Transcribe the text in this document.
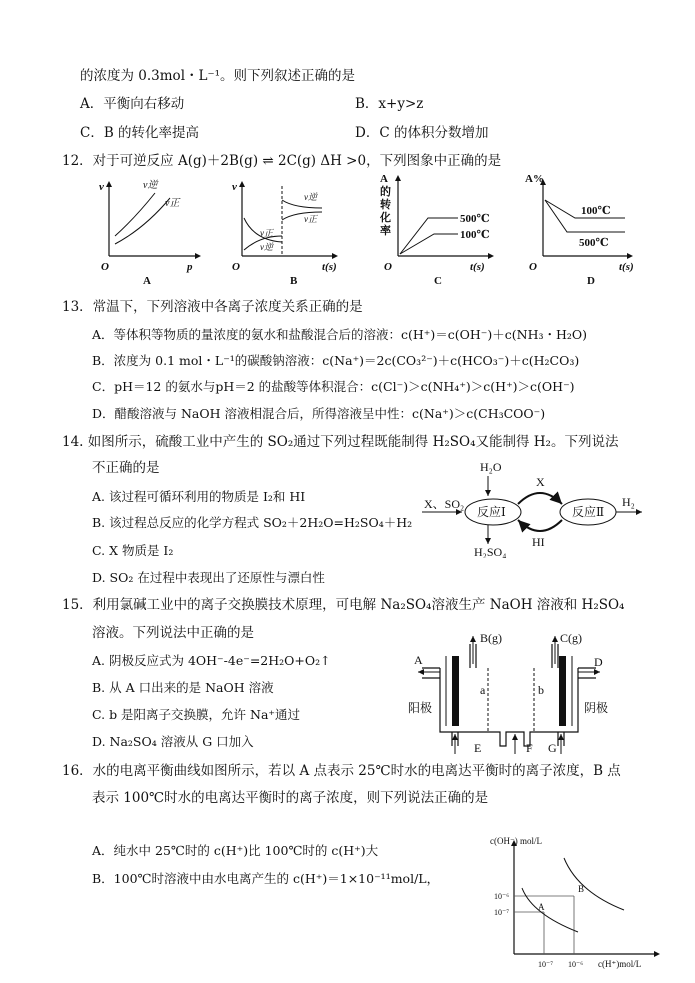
的浓度为 0.3mol・L⁻¹。则下列叙述正确的是
A．平衡向右移动	B．x+y>z
C．B 的转化率提高	D．C 的体积分数增加
12．对于可逆反应 A(g)＋2B(g) ⇌ 2C(g) ΔH >0，下列图象中正确的是
v
p
O
v逆
v正
A
v
t(s)
O
v正
v逆
v逆
v正
B
A
的
转
化
率
500℃
100℃
t(s)
O
C
A%
100℃
500℃
t(s)
O
D
13．常温下，下列溶液中各离子浓度关系正确的是
A．等体积等物质的量浓度的氨水和盐酸混合后的溶液：c(H⁺)＝c(OH⁻)＋c(NH₃・H₂O)
B．浓度为 0.1 mol・L⁻¹的碳酸钠溶液：c(Na⁺)＝2c(CO₃²⁻)＋c(HCO₃⁻)＋c(H₂CO₃)
C．pH＝12 的氨水与pH＝2 的盐酸等体积混合：c(Cl⁻)＞c(NH₄⁺)＞c(H⁺)＞c(OH⁻)
D．醋酸溶液与 NaOH 溶液相混合后，所得溶液呈中性：c(Na⁺)＞c(CH₃COO⁻)
14. 如图所示，硫酸工业中产生的 SO₂通过下列过程既能制得 H₂SO₄又能制得 H₂。下列说法
不正确的是
A. 该过程可循环利用的物质是 I₂和 HI
B. 该过程总反应的化学方程式 SO₂＋2H₂O=H₂SO₄＋H₂
C. X 物质是 I₂
D. SO₂ 在过程中表现出了还原性与漂白性
H₂O
X、SO₂
反应Ⅰ	反应Ⅱ
X
HI
H₂SO₄
H₂
15．利用氯碱工业中的离子交换膜技术原理，可电解 Na₂SO₄溶液生产 NaOH 溶液和 H₂SO₄
溶液。下列说法中正确的是
A. 阴极反应式为 4OH⁻-4e⁻=2H₂O+O₂↑
B. 从 A 口出来的是 NaOH 溶液
C. b 是阳离子交换膜，允许 Na⁺通过
D. Na₂SO₄ 溶液从 G 口加入
A
B(g)	C(g)
D
E	F G
a	b
阳极	阴极
16．水的电离平衡曲线如图所示，若以 A 点表示 25℃时水的电离达平衡时的离子浓度，B 点
表示 100℃时水的电离达平衡时的离子浓度，则下列说法正确的是
A．纯水中 25℃时的 c(H⁺)比 100℃时的 c(H⁺)大
B．100℃时溶液中由水电离产生的 c(H⁺)＝1×10⁻¹¹mol/L，
c(OH⁻) mol/L
10⁻⁶
10⁻⁷
10⁻⁷ 10⁻⁶ c(H⁺)mol/L
A
B
